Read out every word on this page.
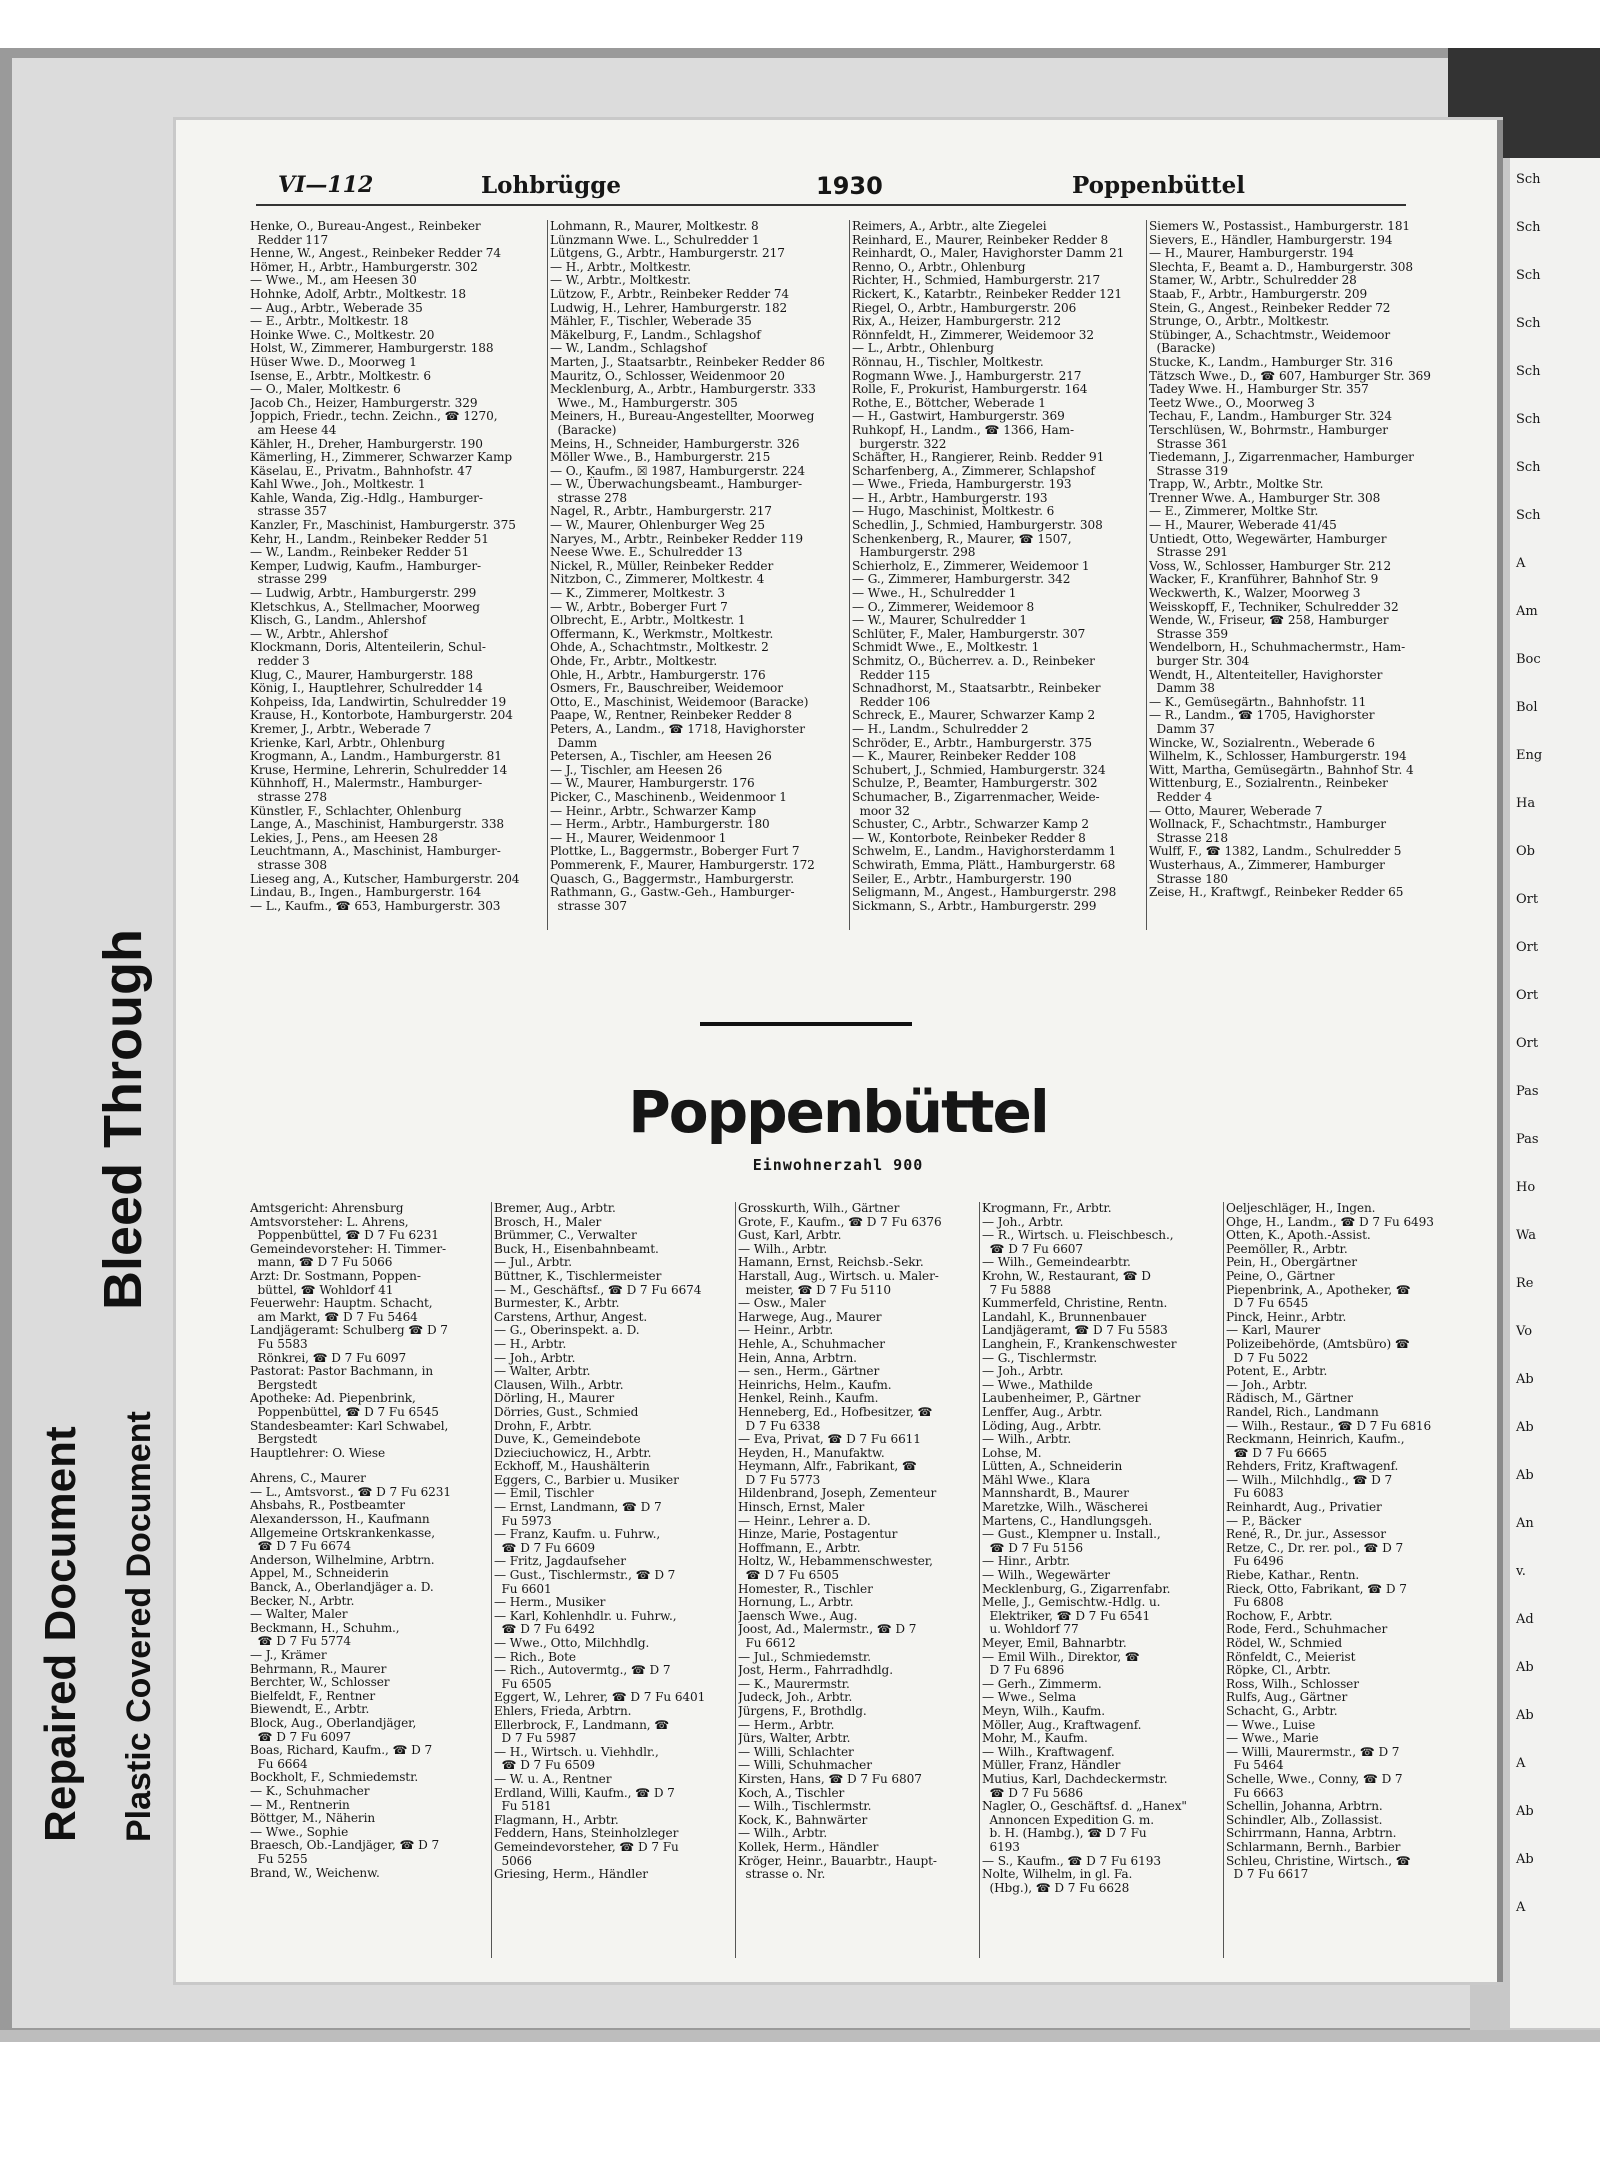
Bleed Through
Repaired Document Plastic Covered Document
Sch
Sch
Sch
Sch
Sch
Sch
Sch
Sch
A
Am
Boc
Bol
Eng
Ha
Ob
Ort
Ort
Ort
Ort
Pas
Pas
Ho
Wa
Re
Vo
Ab
Ab
Ab
An
v.
Ad
Ab
Ab
A
Ab
Ab
A
VI—112	Lohbrügge	1930	Poppenbüttel
Henke, O., Bureau-Angest., Reinbeker
Redder 117
Henne, W., Angest., Reinbeker Redder 74
Hömer, H., Arbtr., Hamburgerstr. 302
— Wwe., M., am Heesen 30
Hohnke, Adolf, Arbtr., Moltkestr. 18
— Aug., Arbtr., Weberade 35
— E., Arbtr., Moltkestr. 18
Hoinke Wwe. C., Moltkestr. 20
Holst, W., Zimmerer, Hamburgerstr. 188
Hüser Wwe. D., Moorweg 1
Isense, E., Arbtr., Moltkestr. 6
— O., Maler, Moltkestr. 6
Jacob Ch., Heizer, Hamburgerstr. 329
Joppich, Friedr., techn. Zeichn., ☎ 1270,
am Heese 44
Kähler, H., Dreher, Hamburgerstr. 190
Kämerling, H., Zimmerer, Schwarzer Kamp
Käselau, E., Privatm., Bahnhofstr. 47
Kahl Wwe., Joh., Moltkestr. 1
Kahle, Wanda, Zig.-Hdlg., Hamburger-
strasse 357
Kanzler, Fr., Maschinist, Hamburgerstr. 375
Kehr, H., Landm., Reinbeker Redder 51
— W., Landm., Reinbeker Redder 51
Kemper, Ludwig, Kaufm., Hamburger-
strasse 299
— Ludwig, Arbtr., Hamburgerstr. 299
Kletschkus, A., Stellmacher, Moorweg
Klisch, G., Landm., Ahlershof
— W., Arbtr., Ahlershof
Klockmann, Doris, Altenteilerin, Schul-
redder 3
Klug, C., Maurer, Hamburgerstr. 188
König, I., Hauptlehrer, Schulredder 14
Kohpeiss, Ida, Landwirtin, Schulredder 19
Krause, H., Kontorbote, Hamburgerstr. 204
Kremer, J., Arbtr., Weberade 7
Krienke, Karl, Arbtr., Ohlenburg
Krogmann, A., Landm., Hamburgerstr. 81
Kruse, Hermine, Lehrerin, Schulredder 14
Kühnhoff, H., Malermstr., Hamburger-
strasse 278
Künstler, F., Schlachter, Ohlenburg
Lange, A., Maschinist, Hamburgerstr. 338
Lekies, J., Pens., am Heesen 28
Leuchtmann, A., Maschinist, Hamburger-
strasse 308
Lieseg ang, A., Kutscher, Hamburgerstr. 204
Lindau, B., Ingen., Hamburgerstr. 164
— L., Kaufm., ☎ 653, Hamburgerstr. 303
Lohmann, R., Maurer, Moltkestr. 8
Lünzmann Wwe. L., Schulredder 1
Lütgens, G., Arbtr., Hamburgerstr. 217
— H., Arbtr., Moltkestr.
— W., Arbtr., Moltkestr.
Lützow, F., Arbtr., Reinbeker Redder 74
Ludwig, H., Lehrer, Hamburgerstr. 182
Mähler, F., Tischler, Weberade 35
Mäkelburg, F., Landm., Schlagshof
— W., Landm., Schlagshof
Marten, J., Staatsarbtr., Reinbeker Redder 86
Mauritz, O., Schlosser, Weidenmoor 20
Mecklenburg, A., Arbtr., Hamburgerstr. 333
Wwe., M., Hamburgerstr. 305
Meiners, H., Bureau-Angestellter, Moorweg
(Baracke)
Meins, H., Schneider, Hamburgerstr. 326
Möller Wwe., B., Hamburgerstr. 215
— O., Kaufm., ☒ 1987, Hamburgerstr. 224
— W., Überwachungsbeamt., Hamburger-
strasse 278
Nagel, R., Arbtr., Hamburgerstr. 217
— W., Maurer, Ohlenburger Weg 25
Naryes, M., Arbtr., Reinbeker Redder 119
Neese Wwe. E., Schulredder 13
Nickel, R., Müller, Reinbeker Redder
Nitzbon, C., Zimmerer, Moltkestr. 4
— K., Zimmerer, Moltkestr. 3
— W., Arbtr., Boberger Furt 7
Olbrecht, E., Arbtr., Moltkestr. 1
Offermann, K., Werkmstr., Moltkestr.
Ohde, A., Schachtmstr., Moltkestr. 2
Ohde, Fr., Arbtr., Moltkestr.
Ohle, H., Arbtr., Hamburgerstr. 176
Osmers, Fr., Bauschreiber, Weidemoor
Otto, E., Maschinist, Weidemoor (Baracke)
Paape, W., Rentner, Reinbeker Redder 8
Peters, A., Landm., ☎ 1718, Havighorster
Damm
Petersen, A., Tischler, am Heesen 26
— J., Tischler, am Heesen 26
— W., Maurer, Hamburgerstr. 176
Picker, C., Maschinenb., Weidenmoor 1
— Heinr., Arbtr., Schwarzer Kamp
— Herm., Arbtr., Hamburgerstr. 180
— H., Maurer, Weidenmoor 1
Plottke, L., Baggermstr., Boberger Furt 7
Pommerenk, F., Maurer, Hamburgerstr. 172
Quasch, G., Baggermstr., Hamburgerstr.
Rathmann, G., Gastw.-Geh., Hamburger-
strasse 307
Reimers, A., Arbtr., alte Ziegelei
Reinhard, E., Maurer, Reinbeker Redder 8
Reinhardt, O., Maler, Havighorster Damm 21
Renno, O., Arbtr., Ohlenburg
Richter, H., Schmied, Hamburgerstr. 217
Rickert, K., Katarbtr., Reinbeker Redder 121
Riegel, O., Arbtr., Hamburgerstr. 206
Rix, A., Heizer, Hamburgerstr. 212
Rönnfeldt, H., Zimmerer, Weidemoor 32
— L., Arbtr., Ohlenburg
Rönnau, H., Tischler, Moltkestr.
Rogmann Wwe. J., Hamburgerstr. 217
Rolle, F., Prokurist, Hamburgerstr. 164
Rothe, E., Böttcher, Weberade 1
— H., Gastwirt, Hamburgerstr. 369
Ruhkopf, H., Landm., ☎ 1366, Ham-
burgerstr. 322
Schäfter, H., Rangierer, Reinb. Redder 91
Scharfenberg, A., Zimmerer, Schlapshof
— Wwe., Frieda, Hamburgerstr. 193
— H., Arbtr., Hamburgerstr. 193
— Hugo, Maschinist, Moltkestr. 6
Schedlin, J., Schmied, Hamburgerstr. 308
Schenkenberg, R., Maurer, ☎ 1507,
Hamburgerstr. 298
Schierholz, E., Zimmerer, Weidemoor 1
— G., Zimmerer, Hamburgerstr. 342
— Wwe., H., Schulredder 1
— O., Zimmerer, Weidemoor 8
— W., Maurer, Schulredder 1
Schlüter, F., Maler, Hamburgerstr. 307
Schmidt Wwe., E., Moltkestr. 1
Schmitz, O., Bücherrev. a. D., Reinbeker
Redder 115
Schnadhorst, M., Staatsarbtr., Reinbeker
Redder 106
Schreck, E., Maurer, Schwarzer Kamp 2
— H., Landm., Schulredder 2
Schröder, E., Arbtr., Hamburgerstr. 375
— K., Maurer, Reinbeker Redder 108
Schubert, J., Schmied, Hamburgerstr. 324
Schulze, P., Beamter, Hamburgerstr. 302
Schumacher, B., Zigarrenmacher, Weide-
moor 32
Schuster, C., Arbtr., Schwarzer Kamp 2
— W., Kontorbote, Reinbeker Redder 8
Schwelm, E., Landm., Havighorsterdamm 1
Schwirath, Emma, Plätt., Hamburgerstr. 68
Seiler, E., Arbtr., Hamburgerstr. 190
Seligmann, M., Angest., Hamburgerstr. 298
Sickmann, S., Arbtr., Hamburgerstr. 299
Siemers W., Postassist., Hamburgerstr. 181
Sievers, E., Händler, Hamburgerstr. 194
— H., Maurer, Hamburgerstr. 194
Slechta, F., Beamt a. D., Hamburgerstr. 308
Stamer, W., Arbtr., Schulredder 28
Staab, F., Arbtr., Hamburgerstr. 209
Stein, G., Angest., Reinbeker Redder 72
Strunge, O., Arbtr., Moltkestr.
Stübinger, A., Schachtmstr., Weidemoor
(Baracke)
Stucke, K., Landm., Hamburger Str. 316
Tätzsch Wwe., D., ☎ 607, Hamburger Str. 369
Tadey Wwe. H., Hamburger Str. 357
Teetz Wwe., O., Moorweg 3
Techau, F., Landm., Hamburger Str. 324
Terschlüsen, W., Bohrmstr., Hamburger
Strasse 361
Tiedemann, J., Zigarrenmacher, Hamburger
Strasse 319
Trapp, W., Arbtr., Moltke Str.
Trenner Wwe. A., Hamburger Str. 308
— E., Zimmerer, Moltke Str.
— H., Maurer, Weberade 41/45
Untiedt, Otto, Wegewärter, Hamburger
Strasse 291
Voss, W., Schlosser, Hamburger Str. 212
Wacker, F., Kranführer, Bahnhof Str. 9
Weckwerth, K., Walzer, Moorweg 3
Weisskopff, F., Techniker, Schulredder 32
Wende, W., Friseur, ☎ 258, Hamburger
Strasse 359
Wendelborn, H., Schuhmachermstr., Ham-
burger Str. 304
Wendt, H., Altenteiteller, Havighorster
Damm 38
— K., Gemüsegärtn., Bahnhofstr. 11
— R., Landm., ☎ 1705, Havighorster
Damm 37
Wincke, W., Sozialrentn., Weberade 6
Wilhelm, K., Schlosser, Hamburgerstr. 194
Witt, Martha, Gemüsegärtn., Bahnhof Str. 4
Wittenburg, E., Sozialrentn., Reinbeker
Redder 4
— Otto, Maurer, Weberade 7
Wollnack, F., Schachtmstr., Hamburger
Strasse 218
Wulff, F., ☎ 1382, Landm., Schulredder 5
Wusterhaus, A., Zimmerer, Hamburger
Strasse 180
Zeise, H., Kraftwgf., Reinbeker Redder 65
Poppenbüttel
Einwohnerzahl 900
Amtsgericht: Ahrensburg
Amtsvorsteher: L. Ahrens,
Poppenbüttel, ☎ D 7 Fu 6231
Gemeindevorsteher: H. Timmer-
mann, ☎ D 7 Fu 5066
Arzt: Dr. Sostmann, Poppen-
büttel, ☎ Wohldorf 41
Feuerwehr: Hauptm. Schacht,
am Markt, ☎ D 7 Fu 5464
Landjägeramt: Schulberg ☎ D 7
Fu 5583
Rönkrei, ☎ D 7 Fu 6097
Pastorat: Pastor Bachmann, in
Bergstedt
Apotheke: Ad. Piepenbrink,
Poppenbüttel, ☎ D 7 Fu 6545
Standesbeamter: Karl Schwabel,
Bergstedt
Hauptlehrer: O. Wiese
Ahrens, C., Maurer
— L., Amtsvorst., ☎ D 7 Fu 6231
Ahsbahs, R., Postbeamter
Alexandersson, H., Kaufmann
Allgemeine Ortskrankenkasse,
☎ D 7 Fu 6674
Anderson, Wilhelmine, Arbtrn.
Appel, M., Schneiderin
Banck, A., Oberlandjäger a. D.
Becker, N., Arbtr.
— Walter, Maler
Beckmann, H., Schuhm.,
☎ D 7 Fu 5774
— J., Krämer
Behrmann, R., Maurer
Berchter, W., Schlosser
Bielfeldt, F., Rentner
Biewendt, E., Arbtr.
Block, Aug., Oberlandjäger,
☎ D 7 Fu 6097
Boas, Richard, Kaufm., ☎ D 7
Fu 6664
Bockholt, F., Schmiedemstr.
— K., Schuhmacher
— M., Rentnerin
Böttger, M., Näherin
— Wwe., Sophie
Braesch, Ob.-Landjäger, ☎ D 7
Fu 5255
Brand, W., Weichenw.
Bremer, Aug., Arbtr.
Brosch, H., Maler
Brümmer, C., Verwalter
Buck, H., Eisenbahnbeamt.
— Jul., Arbtr.
Büttner, K., Tischlermeister
— M., Geschäftsf., ☎ D 7 Fu 6674
Burmester, K., Arbtr.
Carstens, Arthur, Angest.
— G., Oberinspekt. a. D.
— H., Arbtr.
— Joh., Arbtr.
— Walter, Arbtr.
Clausen, Wilh., Arbtr.
Dörling, H., Maurer
Dörries, Gust., Schmied
Drohn, F., Arbtr.
Duve, K., Gemeindebote
Dzieciuchowicz, H., Arbtr.
Eckhoff, M., Haushälterin
Eggers, C., Barbier u. Musiker
— Emil, Tischler
— Ernst, Landmann, ☎ D 7
Fu 5973
— Franz, Kaufm. u. Fuhrw.,
☎ D 7 Fu 6609
— Fritz, Jagdaufseher
— Gust., Tischlermstr., ☎ D 7
Fu 6601
— Herm., Musiker
— Karl, Kohlenhdlr. u. Fuhrw.,
☎ D 7 Fu 6492
— Wwe., Otto, Milchhdlg.
— Rich., Bote
— Rich., Autovermtg., ☎ D 7
Fu 6505
Eggert, W., Lehrer, ☎ D 7 Fu 6401
Ehlers, Frieda, Arbtrn.
Ellerbrock, F., Landmann, ☎
D 7 Fu 5987
— H., Wirtsch. u. Viehhdlr.,
☎ D 7 Fu 6509
— W. u. A., Rentner
Erdland, Willi, Kaufm., ☎ D 7
Fu 5181
Flagmann, H., Arbtr.
Feddern, Hans, Steinholzleger
Gemeindevorsteher, ☎ D 7 Fu
5066
Griesing, Herm., Händler
Grosskurth, Wilh., Gärtner
Grote, F., Kaufm., ☎ D 7 Fu 6376
Gust, Karl, Arbtr.
— Wilh., Arbtr.
Hamann, Ernst, Reichsb.-Sekr.
Harstall, Aug., Wirtsch. u. Maler-
meister, ☎ D 7 Fu 5110
— Osw., Maler
Harwege, Aug., Maurer
— Heinr., Arbtr.
Hehle, A., Schuhmacher
Hein, Anna, Arbtrn.
— sen., Herm., Gärtner
Heinrichs, Helm., Kaufm.
Henkel, Reinh., Kaufm.
Henneberg, Ed., Hofbesitzer, ☎
D 7 Fu 6338
— Eva, Privat, ☎ D 7 Fu 6611
Heyden, H., Manufaktw.
Heymann, Alfr., Fabrikant, ☎
D 7 Fu 5773
Hildenbrand, Joseph, Zementeur
Hinsch, Ernst, Maler
— Heinr., Lehrer a. D.
Hinze, Marie, Postagentur
Hoffmann, E., Arbtr.
Holtz, W., Hebammenschwester,
☎ D 7 Fu 6505
Homester, R., Tischler
Hornung, L., Arbtr.
Jaensch Wwe., Aug.
Joost, Ad., Malermstr., ☎ D 7
Fu 6612
— Jul., Schmiedemstr.
Jost, Herm., Fahrradhdlg.
— K., Maurermstr.
Judeck, Joh., Arbtr.
Jürgens, F., Brothdlg.
— Herm., Arbtr.
Jürs, Walter, Arbtr.
— Willi, Schlachter
— Willi, Schuhmacher
Kirsten, Hans, ☎ D 7 Fu 6807
Koch, A., Tischler
— Wilh., Tischlermstr.
Kock, K., Bahnwärter
— Wilh., Arbtr.
Kollek, Herm., Händler
Kröger, Heinr., Bauarbtr., Haupt-
strasse o. Nr.
Krogmann, Fr., Arbtr.
— Joh., Arbtr.
— R., Wirtsch. u. Fleischbesch.,
☎ D 7 Fu 6607
— Wilh., Gemeindearbtr.
Krohn, W., Restaurant, ☎ D
7 Fu 5888
Kummerfeld, Christine, Rentn.
Landahl, K., Brunnenbauer
Landjägeramt, ☎ D 7 Fu 5583
Langhein, F., Krankenschwester
— G., Tischlermstr.
— Joh., Arbtr.
— Wwe., Mathilde
Laubenheimer, P., Gärtner
Lenffer, Aug., Arbtr.
Löding, Aug., Arbtr.
— Wilh., Arbtr.
Lohse, M.
Lütten, A., Schneiderin
Mähl Wwe., Klara
Mannshardt, B., Maurer
Maretzke, Wilh., Wäscherei
Martens, C., Handlungsgeh.
— Gust., Klempner u. Install.,
☎ D 7 Fu 5156
— Hinr., Arbtr.
— Wilh., Wegewärter
Mecklenburg, G., Zigarrenfabr.
Melle, J., Gemischtw.-Hdlg. u.
Elektriker, ☎ D 7 Fu 6541
u. Wohldorf 77
Meyer, Emil, Bahnarbtr.
— Emil Wilh., Direktor, ☎
D 7 Fu 6896
— Gerh., Zimmerm.
— Wwe., Selma
Meyn, Wilh., Kaufm.
Möller, Aug., Kraftwagenf.
Mohr, M., Kaufm.
— Wilh., Kraftwagenf.
Müller, Franz, Händler
Mutius, Karl, Dachdeckermstr.
☎ D 7 Fu 5686
Nagler, O., Geschäftsf. d. „Hanex"
Annoncen Expedition G. m.
b. H. (Hambg.), ☎ D 7 Fu
6193
— S., Kaufm., ☎ D 7 Fu 6193
Nolte, Wilhelm, in gl. Fa.
(Hbg.), ☎ D 7 Fu 6628
Oeljeschläger, H., Ingen.
Ohge, H., Landm., ☎ D 7 Fu 6493
Otten, K., Apoth.-Assist.
Peemöller, R., Arbtr.
Pein, H., Obergärtner
Peine, O., Gärtner
Piepenbrink, A., Apotheker, ☎
D 7 Fu 6545
Pinck, Heinr., Arbtr.
— Karl, Maurer
Polizeibehörde, (Amtsbüro) ☎
D 7 Fu 5022
Potent, E., Arbtr.
— Joh., Arbtr.
Rädisch, M., Gärtner
Randel, Rich., Landmann
— Wilh., Restaur., ☎ D 7 Fu 6816
Reckmann, Heinrich, Kaufm.,
☎ D 7 Fu 6665
Rehders, Fritz, Kraftwagenf.
— Wilh., Milchhdlg., ☎ D 7
Fu 6083
Reinhardt, Aug., Privatier
— P., Bäcker
René, R., Dr. jur., Assessor
Retze, C., Dr. rer. pol., ☎ D 7
Fu 6496
Riebe, Kathar., Rentn.
Rieck, Otto, Fabrikant, ☎ D 7
Fu 6808
Rochow, F., Arbtr.
Rode, Ferd., Schuhmacher
Rödel, W., Schmied
Rönfeldt, C., Meierist
Röpke, Cl., Arbtr.
Ross, Wilh., Schlosser
Rulfs, Aug., Gärtner
Schacht, G., Arbtr.
— Wwe., Luise
— Wwe., Marie
— Willi, Maurermstr., ☎ D 7
Fu 5464
Schelle, Wwe., Conny, ☎ D 7
Fu 6663
Schellin, Johanna, Arbtrn.
Schindler, Alb., Zollassist.
Schirrmann, Hanna, Arbtrn.
Schlarmann, Bernh., Barbier
Schleu, Christine, Wirtsch., ☎
D 7 Fu 6617
